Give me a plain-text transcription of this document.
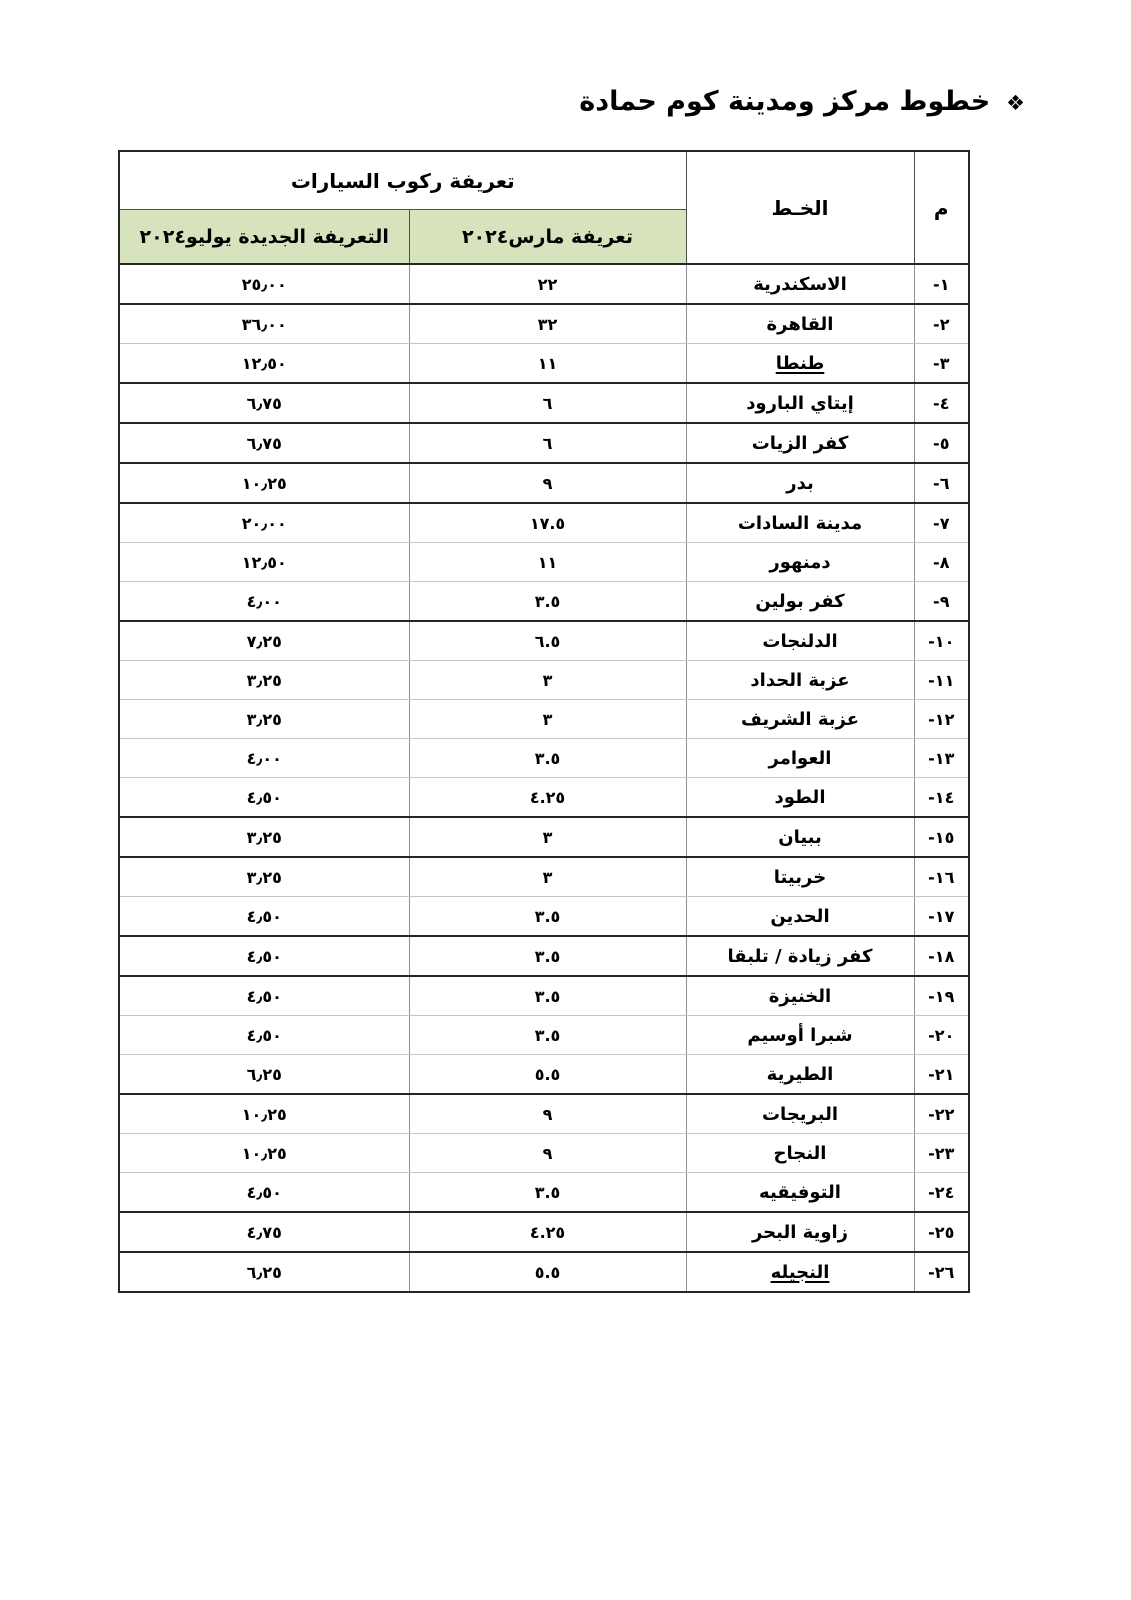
❖
خطوط مركز ومدينة كوم حمادة
م	الخـط	تعريفة ركوب السيارات	
		تعريفة مارس٢٠٢٤	التعريفة الجديدة يوليو٢٠٢٤
-١	الاسكندرية	٢٢	٢٥٫٠٠
-٢	القاهرة	٣٢	٣٦٫٠٠
-٣	طنطا	١١	١٢٫٥٠
-٤	إيتاي البارود	٦	٦٫٧٥
-٥	كفر الزيات	٦	٦٫٧٥
-٦	بدر	٩	١٠٫٢٥
-٧	مدينة السادات	١٧.٥	٢٠٫٠٠
-٨	دمنهور	١١	١٢٫٥٠
-٩	كفر بولين	٣.٥	٤٫٠٠
-١٠	الدلنجات	٦.٥	٧٫٢٥
-١١	عزبة الحداد	٣	٣٫٢٥
-١٢	عزبة الشريف	٣	٣٫٢٥
-١٣	العوامر	٣.٥	٤٫٠٠
-١٤	الطود	٤.٢٥	٤٫٥٠
-١٥	ببيان	٣	٣٫٢٥
-١٦	خربيتا	٣	٣٫٢٥
-١٧	الحدين	٣.٥	٤٫٥٠
-١٨	كفر زيادة / تلبقا	٣.٥	٤٫٥٠
-١٩	الخنيزة	٣.٥	٤٫٥٠
-٢٠	شبرا أوسيم	٣.٥	٤٫٥٠
-٢١	الطيرية	٥.٥	٦٫٢٥
-٢٢	البريجات	٩	١٠٫٢٥
-٢٣	النجاح	٩	١٠٫٢٥
-٢٤	التوفيقيه	٣.٥	٤٫٥٠
-٢٥	زاوية البحر	٤.٢٥	٤٫٧٥
-٢٦	النجيله	٥.٥	٦٫٢٥
